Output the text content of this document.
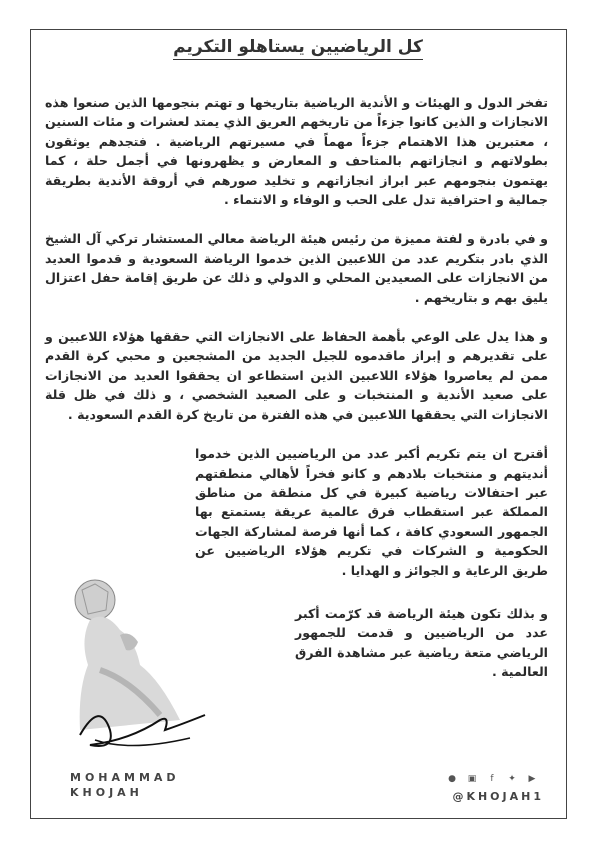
كل الرياضيين يستاهلو التكريم

تفخر الدول و الهيئات و الأندية الرياضية بتاريخها و تهتم بنجومها الذين صنعوا هذه الانجازات و الذين كانوا جزءاً من تاريخهم العريق الذي يمتد لعشرات و مئات السنين ، معتبرين هذا الاهتمام جزءاً مهماً في مسيرتهم الرياضية . فتجدهم يوثقون بطولاتهم و انجازاتهم بالمتاحف و المعارض و يظهرونها في أجمل حلة ، كما يهتمون بنجومهم عبر ابراز انجازاتهم و تخليد صورهم في أروقة الأندية بطريقة جمالية و احترافية تدل على الحب و الوفاء و الانتماء .

و في بادرة و لفتة مميزة من رئيس هيئة الرياضة معالي المستشار تركي آل الشيخ الذي بادر بتكريم عدد من اللاعبين الذين خدموا الرياضة السعودية و قدموا العديد من الانجازات على الصعيدين المحلي و الدولي و ذلك عن طريق إقامة حفل اعتزال يليق بهم و بتاريخهم .

و هذا يدل على الوعي بأهمة الحفاظ على الانجازات التي حققها هؤلاء اللاعبين و على تقديرهم و إبراز ماقدموه للجيل الجديد من المشجعين و محبي كرة القدم ممن لم يعاصروا هؤلاء اللاعبين الذين استطاعو ان يحققوا العديد من الانجازات على صعيد الأندية و المنتخبات و على الصعيد الشخصي ، و ذلك في ظل قلة الانجازات التي يحققها اللاعبين في هذه الفترة من تاريخ كرة القدم السعودية .

أقترح ان يتم تكريم أكبر عدد من الرياضيين الذين خدموا أنديتهم و منتخبات بلادهم و كانو فخراً لأهالي منطقتهم عبر احتفالات رياضية كبيرة في كل منطقة من مناطق المملكة عبر استقطاب فرق عالمية عريقة يستمتع بها الجمهور السعودي كافة ، كما أنها فرصة لمشاركة الجهات الحكومية و الشركات في تكريم هؤلاء الرياضيين عن طريق الرعاية و الجوائز و الهدايا .

و بذلك تكون هيئة الرياضة قد كرّمت أكبر عدد من الرياضيين و قدمت للجمهور الرياضي متعة رياضية عبر مشاهدة الفرق العالمية .

MOHAMMAD
KHOJAH
● ▣	f	✦ ▶
@KHOJAH1
